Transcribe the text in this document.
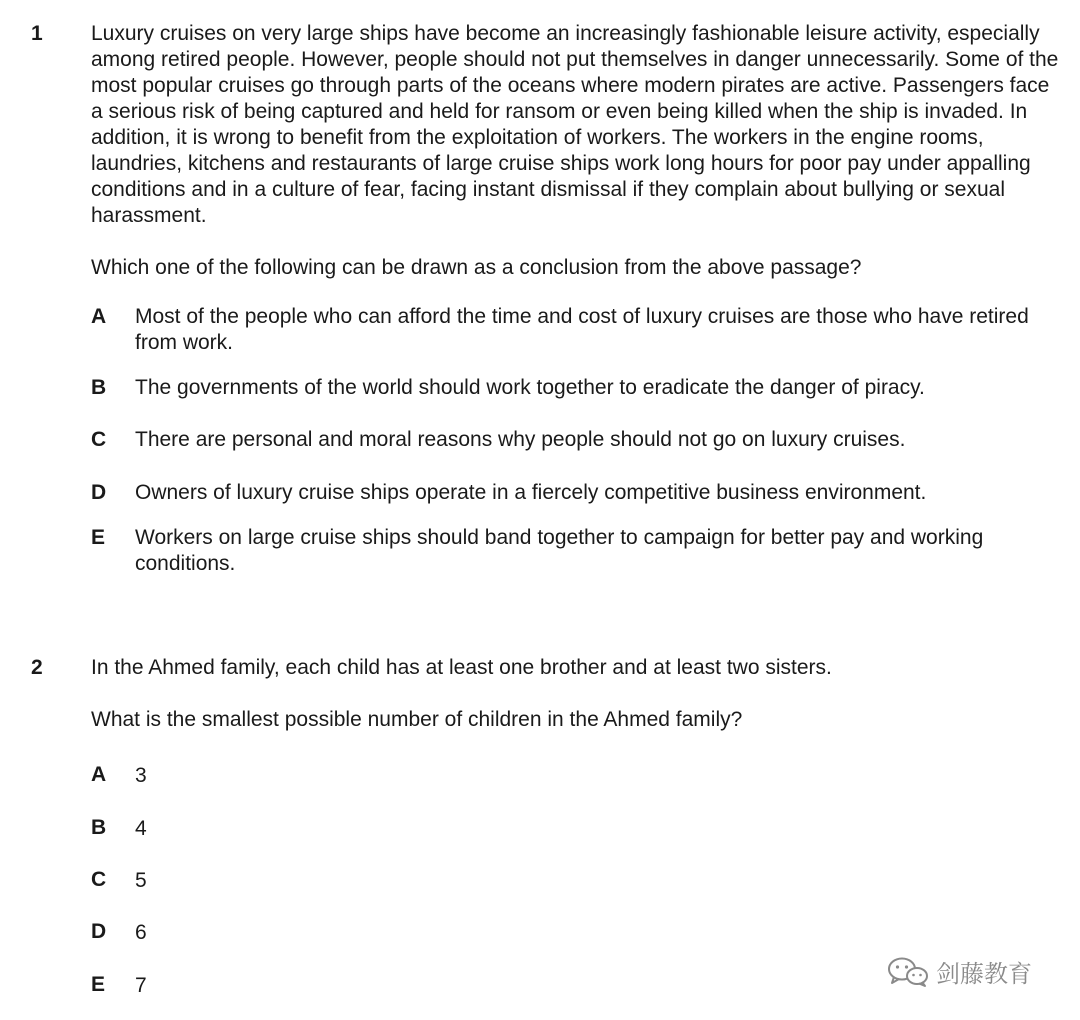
1 Luxury cruises on very large ships have become an increasingly fashionable leisure activity, especially among retired people. However, people should not put themselves in danger unnecessarily. Some of the most popular cruises go through parts of the oceans where modern pirates are active. Passengers face a serious risk of being captured and held for ransom or even being killed when the ship is invaded. In addition, it is wrong to benefit from the exploitation of workers. The workers in the engine rooms, laundries, kitchens and restaurants of large cruise ships work long hours for poor pay under appalling conditions and in a culture of fear, facing instant dismissal if they complain about bullying or sexual harassment.

Which one of the following can be drawn as a conclusion from the above passage?

A Most of the people who can afford the time and cost of luxury cruises are those who have retired from work.
B The governments of the world should work together to eradicate the danger of piracy.
C There are personal and moral reasons why people should not go on luxury cruises.
D Owners of luxury cruise ships operate in a fiercely competitive business environment.
E Workers on large cruise ships should band together to campaign for better pay and working conditions.
2 In the Ahmed family, each child has at least one brother and at least two sisters.

What is the smallest possible number of children in the Ahmed family?

A 3
B 4
C 5
D 6
E 7	剑藤教育
